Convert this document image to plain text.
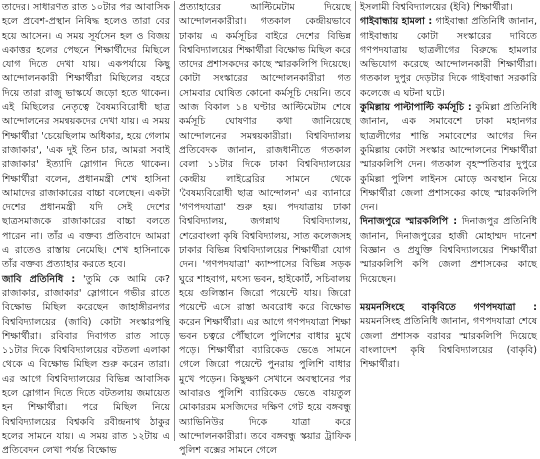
তাদের। সাধারণত রাত ১০টার পর আবাসিক হলে প্রবেশ-প্রস্থান নিষিদ্ধ হলেও তারা বের হয়ে আসেন। এ সময় সূর্যসেন হল ও বিজয় একাত্তর হলের পেছনে শিক্ষার্থীদের মিছিলে যোগ দিতে দেখা যায়। একপর্যায়ে কিছু আন্দোলনকারী শিক্ষার্থীরা মিছিলের বহরে দিয়ে তারা রাজু ভাস্কর্যে জড়ো হতে থাকেন। এই মিছিলের নেতৃত্বে বৈষম্যবিরোধী ছাত্র আন্দোলনের সমন্বয়কদের দেখা যায়। এ সময় শিক্ষার্থীরা 'চেয়েছিলাম অধিকার, হয়ে গেলাম রাজাকার', 'এক দুই তিন চার, আমরা সবাই রাজাকার' ইত্যাদি স্লোগান দিতে থাকেন। শিক্ষার্থীরা বলেন, প্রধানমন্ত্রী শেখ হাসিনা আমাদের রাজাকারের বাচ্চা বলেছেন। একটা দেশের প্রধানমন্ত্রী যদি সেই দেশের ছাত্রসমাজকে রাজাকারের বাচ্চা বলতে পারেন না। তাঁর এ বক্তব্য প্রতিবাদে আমরা এ রাতেও রাস্তায় নেমেছি। শেখ হাসিনাকে তাঁর বক্তব্য প্রত্যাহার করতে হবে।

জাবি প্রতিনিধি : 'তুমি কে আমি কে? রাজাকার, রাজাকার' স্লোগানে গভীর রাতে বিক্ষোভ মিছিল করেছেন জাহাঙ্গীরনগর বিশ্ববিদ্যালয়ের (জাবি) কোটা সংস্কারপন্থি শিক্ষার্থীরা। রবিবার দিবাগত রাত সাড়ে ১১টার দিকে বিশ্ববিদ্যালয়ের বটতলা এলাকা থেকে এ বিক্ষোভ মিছিল শুরু করেন তারা। এর আগে বিশ্ববিদ্যালয়ের বিভিন্ন আবাসিক হলে স্লোগান দিতে দিতে বটতলায় জমায়েত হন শিক্ষার্থীরা। পরে মিছিল নিয়ে বিশ্ববিদ্যালয়ের বিশ্বকবি রবীন্দ্রনাথ ঠাকুর হলের সামনে যায়। এ সময় রাত ১২টায় এ প্রতিবেদন লেখা পর্যন্ত বিক্ষোভ

প্রত্যাহারের আল্টিমেটাম দিয়েছে আন্দোলনকারীরা। গতকাল কেন্দ্রীয়ভাবে ঢাকায় এ কর্মসূচির বাইরে দেশের বিভিন্ন বিশ্ববিদ্যালয়ের শিক্ষার্থীরা বিক্ষোভ মিছিল করে তাদের প্রশাসকদের কাছে স্মারকলিপি দিয়েছে। কোটা সংস্কারের আন্দোলনকারীরা গত সোমবার ঘোষিত কোনো কর্মসূচি দেয়নি। তবে আজ বিকাল ১৪ ঘণ্টার আল্টিমেটাম শেষে কর্মসূচি ঘোষণার কথা জানিয়েছে আন্দোলনের সমন্বয়কারীরা। বিশ্ববিদ্যালয় প্রতিবেদক জানান, রাজধানীতে গতকাল বেলা ১১টার দিকে ঢাকা বিশ্ববিদ্যালয়ের কেন্দ্রীয় লাইব্রেরির সামনে থেকে 'বৈষম্যবিরোধী ছাত্র আন্দোলন' এর ব্যানারে 'গণপদযাত্রা' শুরু হয়। পদযাত্রায় ঢাকা বিশ্ববিদ্যালয়, জগন্নাথ বিশ্ববিদ্যালয়, শেরেবাংলা কৃষি বিশ্ববিদ্যালয়, সাত কলেজসহ ঢাকার বিভিন্ন বিশ্ববিদ্যালয়ের শিক্ষার্থীরা যোগ দেন। 'গণপদযাত্রা' ক্যাম্পাসের বিভিন্ন সড়ক ঘুরে শাহবাগ, মৎস্য ভবন, হাইকোর্ট, সচিবালয় হয়ে গুলিস্তান জিরো পয়েন্টে যায়। জিরো পয়েন্টে এসে রাস্তা অবরোধ করে বিক্ষোভ করেন শিক্ষার্থীরা। এর আগে গণপদযাত্রা শিক্ষা ভবন চত্বরে পৌঁছালে পুলিশের বাধার মুখে পড়ে। শিক্ষার্থীরা ব্যারিকেড ভেঙে সামনে গেলে জিরো পয়েন্টে পুনরায় পুলিশি বাধার মুখে পড়েন। কিছুক্ষণ সেখানে অবস্থানের পর আবারও পুলিশি ব্যারিকেড ভেঙে বায়তুল মোকাররম মসজিদের দক্ষিণ গেট হয়ে বঙ্গবন্ধু অ্যাভিনিউর দিকে যাত্রা করে আন্দোলনকারীরা। তবে বঙ্গবন্ধু স্কয়ার ট্রাফিক পুলিশ বক্সের সামনে গেলে

ইসলামী বিশ্ববিদ্যালয়ের (ইবি) শিক্ষার্থীরা।

গাইবান্ধায় হামলা : গাইবান্ধা প্রতিনিধি জানান, গাইবান্ধায় কোটা সংস্কারের দাবিতে গণপদযাত্রায় ছাত্রলীগের বিরুদ্ধে হামলার অভিযোগ করেছে আন্দোলনকারী শিক্ষার্থীরা। গতকাল দুপুর দেড়টার দিকে গাইবান্ধা সরকারি কলেজে এ ঘটনা ঘটে।

কুমিল্লায় পাল্টাপাল্টি কর্মসূচি : কুমিল্লা প্রতিনিধি জানান, এক সমাবেশে ঢাকা মহানগর ছাত্রলীগের শান্তি সমাবেশের আগের দিন কুমিল্লায় কোটা সংস্কার আন্দোলনের শিক্ষার্থীরা স্মারকলিপি দেন। গতকাল বৃহস্পতিবার দুপুরে কুমিল্লা পুলিশ লাইনস মোড়ে অবস্থান নিয়ে শিক্ষার্থীরা জেলা প্রশাসকের কাছে স্মারকলিপি দেন।

দিনাজপুরে স্মারকলিপি : দিনাজপুর প্রতিনিধি জানান, দিনাজপুরের হাজী মোহাম্মদ দানেশ বিজ্ঞান ও প্রযুক্তি বিশ্ববিদ্যালয়ের শিক্ষার্থীরা স্মারকলিপি কপি জেলা প্রশাসকের কাছে দিয়েছেন।

ময়মনসিংহে বাকৃবিতে গণপদযাত্রা : ময়মনসিংহ প্রতিনিধি জানান, গণপদযাত্রা শেষে জেলা প্রশাসক বরাবর স্মারকলিপি দিয়েছে বাংলাদেশ কৃষি বিশ্ববিদ্যালয়ের (বাকৃবি) শিক্ষার্থীরা।
